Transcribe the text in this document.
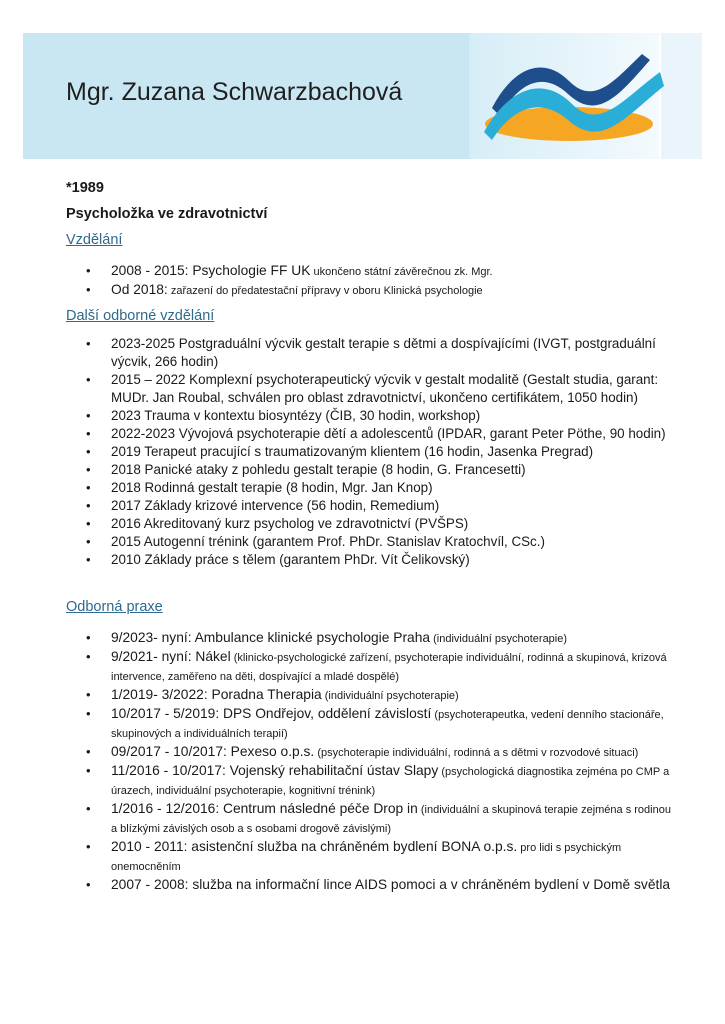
Mgr. Zuzana Schwarzbachová
*1989
Psycholožka ve zdravotnictví
Vzdělání
• 2008 - 2015: Psychologie FF UK ukončeno státní závěrečnou zk. Mgr.
• Od 2018: zařazení do předatestační přípravy v oboru Klinická psychologie
Další odborné vzdělání
• 2023-2025 Postgraduální výcvik gestalt terapie s dětmi a dospívajícími (IVGT, postgraduální výcvik, 266 hodin)
• 2015 – 2022 Komplexní psychoterapeutický výcvik v gestalt modalitě (Gestalt studia, garant: MUDr. Jan Roubal, schválen pro oblast zdravotnictví, ukončeno certifikátem, 1050 hodin)
• 2023 Trauma v kontextu biosyntézy (ČIB, 30 hodin, workshop)
• 2022-2023 Vývojová psychoterapie dětí a adolescentů (IPDAR, garant Peter Pöthe, 90 hodin)
• 2019 Terapeut pracující s traumatizovaným klientem (16 hodin, Jasenka Pregrad)
• 2018 Panické ataky z pohledu gestalt terapie (8 hodin, G. Francesetti)
• 2018 Rodinná gestalt terapie (8 hodin, Mgr. Jan Knop)
• 2017 Základy krizové intervence (56 hodin, Remedium)
• 2016 Akreditovaný kurz psycholog ve zdravotnictví (PVŠPS)
• 2015 Autogenní trénink (garantem Prof. PhDr. Stanislav Kratochvíl, CSc.)
• 2010 Základy práce s tělem (garantem PhDr. Vít Čelikovský)
Odborná praxe
• 9/2023- nyní: Ambulance klinické psychologie Praha (individuální psychoterapie)
• 9/2021- nyní: Nákel (klinicko-psychologické zařízení, psychoterapie individuální, rodinná a skupinová, krizová intervence, zaměřeno na děti, dospívající a mladé dospělé)
• 1/2019- 3/2022: Poradna Therapia (individuální psychoterapie)
• 10/2017 - 5/2019: DPS Ondřejov, oddělení závislostí (psychoterapeutka, vedení denního stacionáře, skupinových a individuálních terapií)
• 09/2017 - 10/2017: Pexeso o.p.s. (psychoterapie individuální, rodinná a s dětmi v rozvodové situaci)
• 11/2016 - 10/2017: Vojenský rehabilitační ústav Slapy (psychologická diagnostika zejména po CMP a úrazech, individuální psychoterapie, kognitivní trénink)
• 1/2016 - 12/2016: Centrum následné péče Drop in (individuální a skupinová terapie zejména s rodinou a blízkými závislých osob a s osobami drogově závislými)
• 2010 - 2011: asistenční služba na chráněném bydlení BONA o.p.s. pro lidi s psychickým onemocněním
• 2007 - 2008: služba na informační lince AIDS pomoci a v chráněném bydlení v Domě světla
